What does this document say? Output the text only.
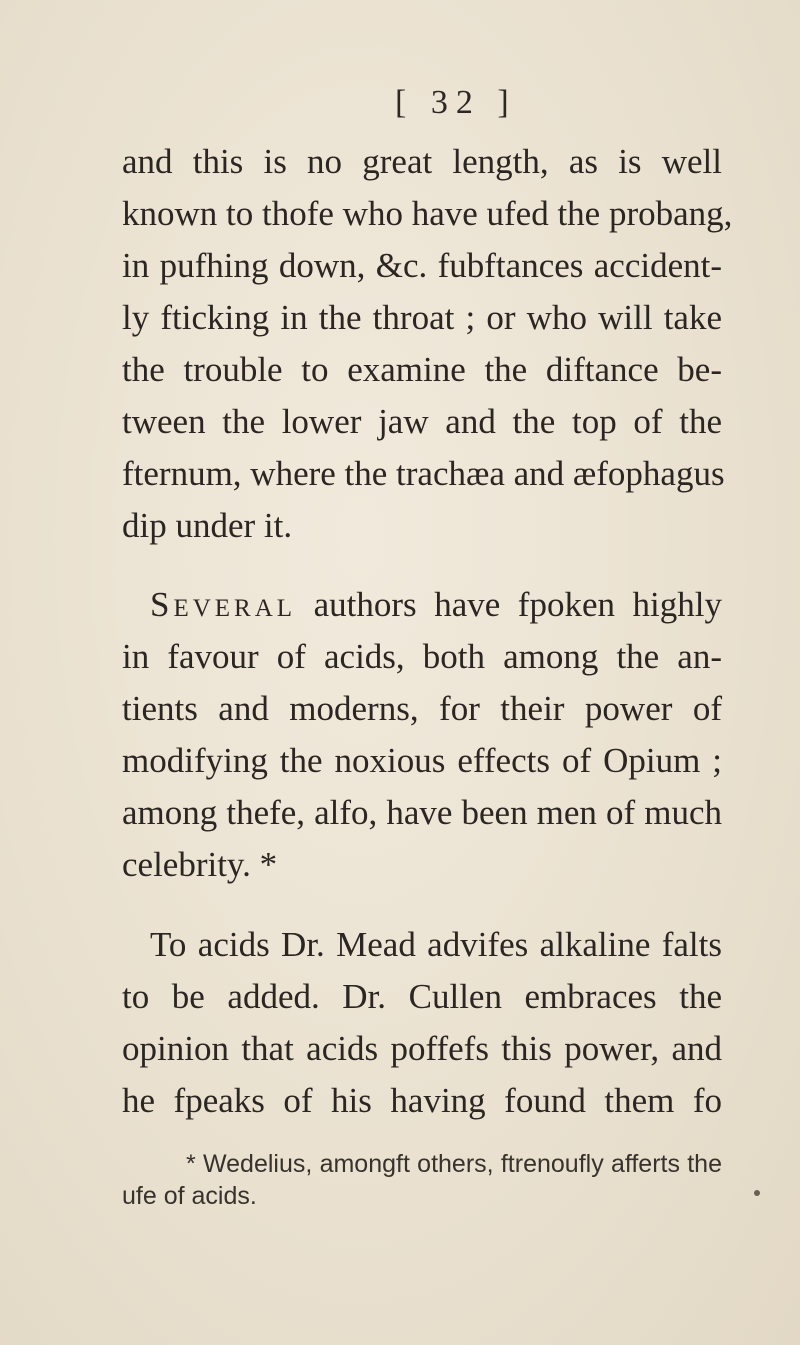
[ 32 ]
and this is no great length, as is well
known to thofe who have ufed the probang,
in pufhing down, &c. fubftances accident-
ly fticking in the throat ; or who will take
the trouble to examine the diftance be-
tween the lower jaw and the top of the
fternum, where the trachæa and æfophagus
dip under it.
Several authors have fpoken highly
in favour of acids, both among the an-
tients and moderns, for their power of
modifying the noxious effects of Opium ;
among thefe, alfo, have been men of much
celebrity. *
To acids Dr. Mead advifes alkaline falts
to be added. Dr. Cullen embraces the
opinion that acids poffefs this power, and
he fpeaks of his having found them fo
* Wedelius, amongft others, ftrenoufly afferts the
ufe of acids.
